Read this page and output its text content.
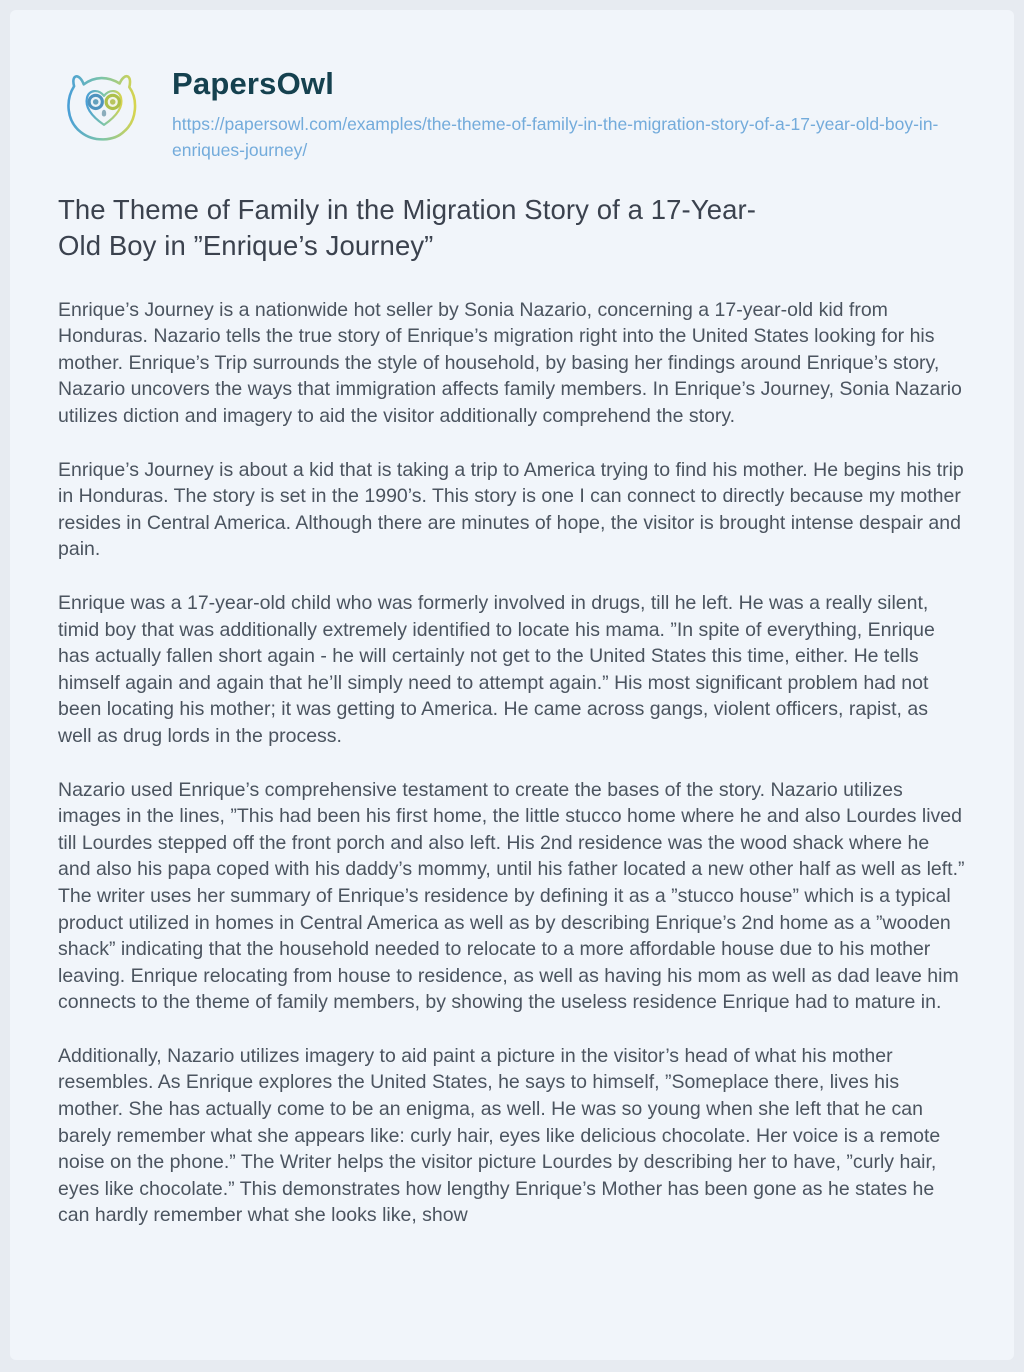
PapersOwl
https://papersowl.com/examples/the-theme-of-family-in-the-migration-story-of-a-17-year-old-boy-in-enriques-journey/
The Theme of Family in the Migration Story of a 17-Year-Old Boy in ”Enrique’s Journey”

Enrique’s Journey is a nationwide hot seller by Sonia Nazario, concerning a 17-year-old kid from Honduras. Nazario tells the true story of Enrique’s migration right into the United States looking for his mother. Enrique’s Trip surrounds the style of household, by basing her findings around Enrique’s story, Nazario uncovers the ways that immigration affects family members. In Enrique’s Journey, Sonia Nazario utilizes diction and imagery to aid the visitor additionally comprehend the story.

Enrique’s Journey is about a kid that is taking a trip to America trying to find his mother. He begins his trip in Honduras. The story is set in the 1990’s. This story is one I can connect to directly because my mother resides in Central America. Although there are minutes of hope, the visitor is brought intense despair and pain.

Enrique was a 17-year-old child who was formerly involved in drugs, till he left. He was a really silent, timid boy that was additionally extremely identified to locate his mama. ”In spite of everything, Enrique has actually fallen short again - he will certainly not get to the United States this time, either. He tells himself again and again that he’ll simply need to attempt again.” His most significant problem had not been locating his mother; it was getting to America. He came across gangs, violent officers, rapist, as well as drug lords in the process.

Nazario used Enrique’s comprehensive testament to create the bases of the story. Nazario utilizes images in the lines, ”This had been his first home, the little stucco home where he and also Lourdes lived till Lourdes stepped off the front porch and also left. His 2nd residence was the wood shack where he and also his papa coped with his daddy’s mommy, until his father located a new other half as well as left.” The writer uses her summary of Enrique’s residence by defining it as a ”stucco house” which is a typical product utilized in homes in Central America as well as by describing Enrique’s 2nd home as a ”wooden shack” indicating that the household needed to relocate to a more affordable house due to his mother leaving. Enrique relocating from house to residence, as well as having his mom as well as dad leave him connects to the theme of family members, by showing the useless residence Enrique had to mature in.

Additionally, Nazario utilizes imagery to aid paint a picture in the visitor’s head of what his mother resembles. As Enrique explores the United States, he says to himself, ”Someplace there, lives his mother. She has actually come to be an enigma, as well. He was so young when she left that he can barely remember what she appears like: curly hair, eyes like delicious chocolate. Her voice is a remote noise on the phone.” The Writer helps the visitor picture Lourdes by describing her to have, ”curly hair, eyes like chocolate.” This demonstrates how lengthy Enrique’s Mother has been gone as he states he can hardly remember what she looks like, show
